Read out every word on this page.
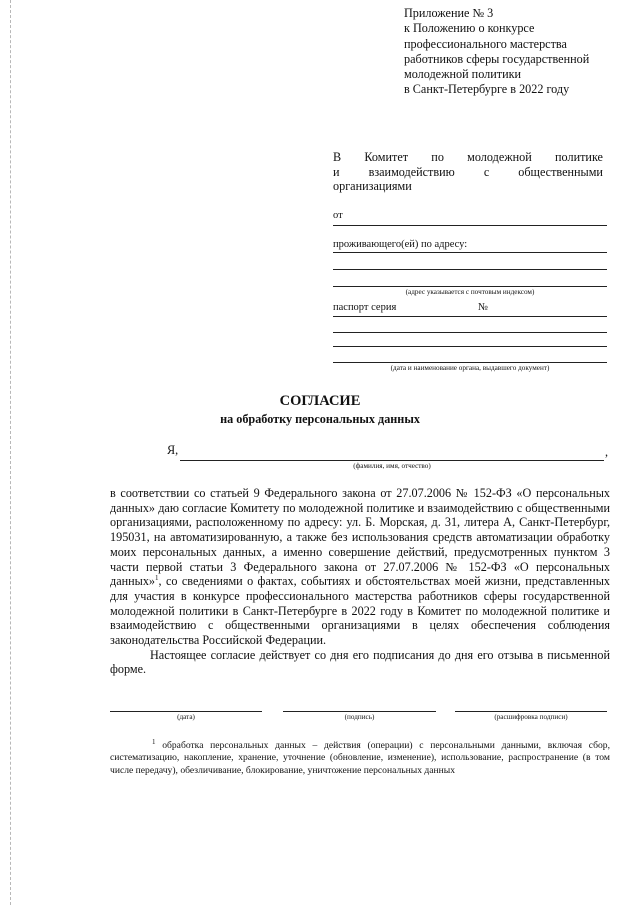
Приложение № 3
к Положению о конкурсе
профессионального мастерства
работников сферы государственной
молодежной политики
в Санкт-Петербурге в 2022 году
В Комитет по молодежной политике
и взаимодействию с общественными
организациями
от
проживающего(ей) по адресу:
(адрес указывается с почтовым индексом)
паспорт серия	№
(дата и наименование органа, выдавшего документ)
СОГЛАСИЕ
на обработку персональных данных
Я,	,
(фамилия, имя, отчество)

в соответствии со статьей 9 Федерального закона от 27.07.2006 № 152-ФЗ «О персональных данных» даю согласие Комитету по молодежной политике и взаимодействию с общественными организациями, расположенному по адресу: ул. Б. Морская, д. 31, литера А, Санкт-Петербург, 195031, на автоматизированную, а также без использования средств автоматизации обработку моих персональных данных, а именно совершение действий, предусмотренных пунктом 3 части первой статьи 3 Федерального закона от 27.07.2006 № 152-ФЗ «О персональных данных»$^1$, со сведениями о фактах, событиях и обстоятельствах моей жизни, представленных для участия в конкурсе профессионального мастерства работников сферы государственной молодежной политики в Санкт-Петербурге в 2022 году в Комитет по молодежной политике и взаимодействию с общественными организациями в целях обеспечения соблюдения законодательства Российской Федерации.

Настоящее согласие действует со дня его подписания до дня его отзыва в письменной форме.

(дата)	(подпись)	(расшифровка подписи)
$^1$ обработка персональных данных – действия (операции) с персональными данными, включая сбор, систематизацию, накопление, хранение, уточнение (обновление, изменение), использование, распространение (в том числе передачу), обезличивание, блокирование, уничтожение персональных данных
